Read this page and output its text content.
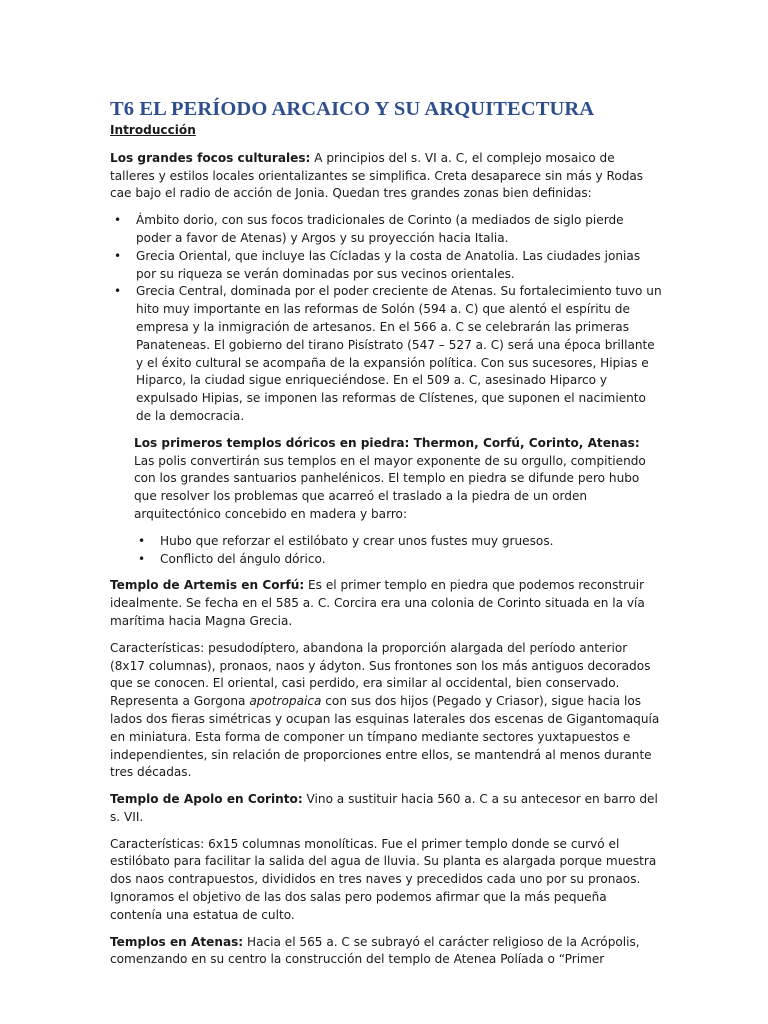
T6 EL PERÍODO ARCAICO Y SU ARQUITECTURA
Introducción

Los grandes focos culturales: A principios del s. VI a. C, el complejo mosaico de talleres y estilos locales orientalizantes se simplifica. Creta desaparece sin más y Rodas cae bajo el radio de acción de Jonia. Quedan tres grandes zonas bien definidas:

• Ámbito dorio, con sus focos tradicionales de Corinto (a mediados de siglo pierde poder a favor de Atenas) y Argos y su proyección hacia Italia.
• Grecia Oriental, que incluye las Cícladas y la costa de Anatolia. Las ciudades jonias por su riqueza se verán dominadas por sus vecinos orientales.
• Grecia Central, dominada por el poder creciente de Atenas. Su fortalecimiento tuvo un hito muy importante en las reformas de Solón (594 a. C) que alentó el espíritu de empresa y la inmigración de artesanos. En el 566 a. C se celebrarán las primeras Panateneas. El gobierno del tirano Pisístrato (547 – 527 a. C) será una época brillante y el éxito cultural se acompaña de la expansión política. Con sus sucesores, Hipias e Hiparco, la ciudad sigue enriqueciéndose. En el 509 a. C, asesinado Hiparco y expulsado Hipias, se imponen las reformas de Clístenes, que suponen el nacimiento de la democracia.

Los primeros templos dóricos en piedra: Thermon, Corfú, Corinto, Atenas: Las polis convertirán sus templos en el mayor exponente de su orgullo, compitiendo con los grandes santuarios panhelénicos. El templo en piedra se difunde pero hubo que resolver los problemas que acarreó el traslado a la piedra de un orden arquitectónico concebido en madera y barro:

• Hubo que reforzar el estilóbato y crear unos fustes muy gruesos.
• Conflicto del ángulo dórico.

Templo de Artemis en Corfú: Es el primer templo en piedra que podemos reconstruir idealmente. Se fecha en el 585 a. C. Corcira era una colonia de Corinto situada en la vía marítima hacia Magna Grecia.

Características: pesudodíptero, abandona la proporción alargada del período anterior (8x17 columnas), pronaos, naos y ádyton. Sus frontones son los más antiguos decorados que se conocen. El oriental, casi perdido, era similar al occidental, bien conservado. Representa a Gorgona apotropaica con sus dos hijos (Pegado y Criasor), sigue hacia los lados dos fieras simétricas y ocupan las esquinas laterales dos escenas de Gigantomaquía en miniatura. Esta forma de componer un tímpano mediante sectores yuxtapuestos e independientes, sin relación de proporciones entre ellos, se mantendrá al menos durante tres décadas.

Templo de Apolo en Corinto: Vino a sustituir hacia 560 a. C a su antecesor en barro del s. VII.

Características: 6x15 columnas monolíticas. Fue el primer templo donde se curvó el estilóbato para facilitar la salida del agua de lluvia. Su planta es alargada porque muestra dos naos contrapuestos, divididos en tres naves y precedidos cada uno por su pronaos. Ignoramos el objetivo de las dos salas pero podemos afirmar que la más pequeña contenía una estatua de culto.

Templos en Atenas: Hacia el 565 a. C se subrayó el carácter religioso de la Acrópolis, comenzando en su centro la construcción del templo de Atenea Políada o “Primer
